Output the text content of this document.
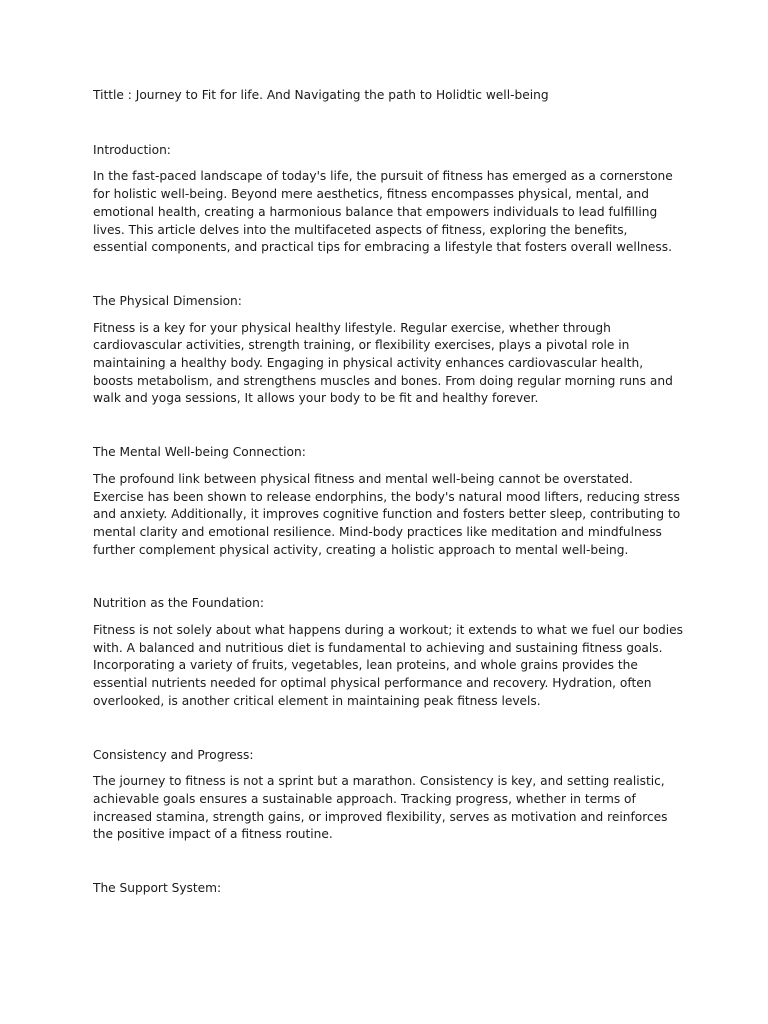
Tittle : Journey to Fit for life. And Navigating the path to Holidtic well-being

Introduction:

In the fast-paced landscape of today's life, the pursuit of fitness has emerged as a cornerstone for holistic well-being. Beyond mere aesthetics, fitness encompasses physical, mental, and emotional health, creating a harmonious balance that empowers individuals to lead fulfilling lives. This article delves into the multifaceted aspects of fitness, exploring the benefits, essential components, and practical tips for embracing a lifestyle that fosters overall wellness.

The Physical Dimension:

Fitness is a key for your physical healthy lifestyle. Regular exercise, whether through cardiovascular activities, strength training, or flexibility exercises, plays a pivotal role in maintaining a healthy body. Engaging in physical activity enhances cardiovascular health, boosts metabolism, and strengthens muscles and bones. From doing regular morning runs and walk and yoga sessions, It allows your body to be fit and healthy forever.

The Mental Well-being Connection:

The profound link between physical fitness and mental well-being cannot be overstated. Exercise has been shown to release endorphins, the body's natural mood lifters, reducing stress and anxiety. Additionally, it improves cognitive function and fosters better sleep, contributing to mental clarity and emotional resilience. Mind-body practices like meditation and mindfulness further complement physical activity, creating a holistic approach to mental well-being.

Nutrition as the Foundation:

Fitness is not solely about what happens during a workout; it extends to what we fuel our bodies with. A balanced and nutritious diet is fundamental to achieving and sustaining fitness goals. Incorporating a variety of fruits, vegetables, lean proteins, and whole grains provides the essential nutrients needed for optimal physical performance and recovery. Hydration, often overlooked, is another critical element in maintaining peak fitness levels.

Consistency and Progress:

The journey to fitness is not a sprint but a marathon. Consistency is key, and setting realistic, achievable goals ensures a sustainable approach. Tracking progress, whether in terms of increased stamina, strength gains, or improved flexibility, serves as motivation and reinforces the positive impact of a fitness routine.

The Support System:
